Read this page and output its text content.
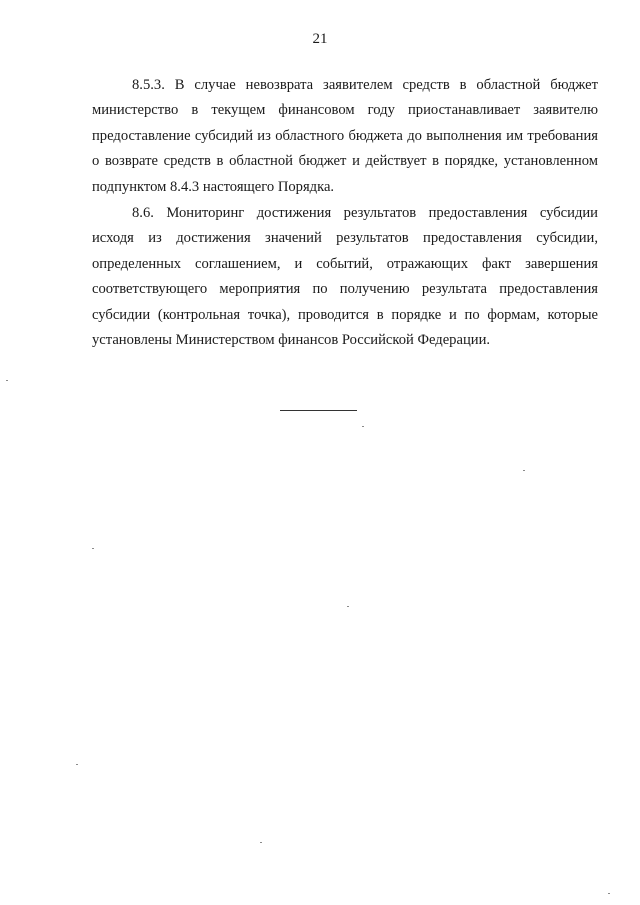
21

8.5.3. В случае невозврата заявителем средств в областной бюджет министерство в текущем финансовом году приостанавливает заявителю предоставление субсидий из областного бюджета до выполнения им требования о возврате средств в областной бюджет и действует в порядке, установленном подпунктом 8.4.3 настоящего Порядка.

8.6. Мониторинг достижения результатов предоставления субсидии исходя из достижения значений результатов предоставления субсидии, определенных соглашением, и событий, отражающих факт завершения соответствующего мероприятия по получению результата предоставления субсидии (контрольная точка), проводится в порядке и по формам, которые установлены Министерством финансов Российской Федерации.
